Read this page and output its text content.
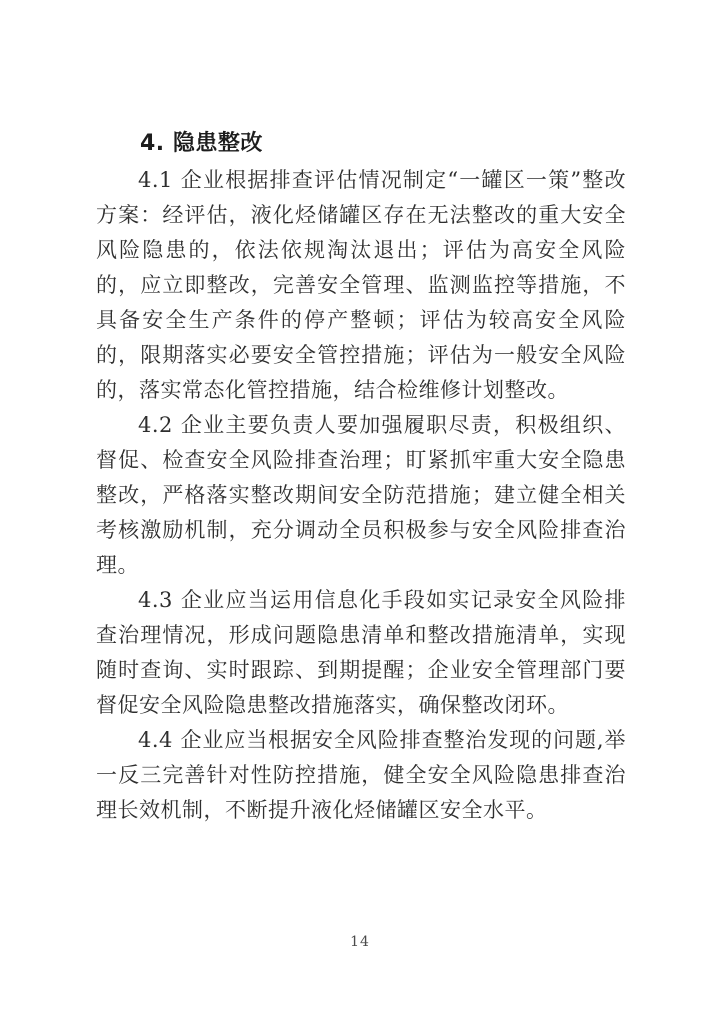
4. 隐患整改

4.1 企业根据排查评估情况制定“一罐区一策”整改方案：经评估，液化烃储罐区存在无法整改的重大安全风险隐患的，依法依规淘汰退出；评估为高安全风险的，应立即整改，完善安全管理、监测监控等措施，不具备安全生产条件的停产整顿；评估为较高安全风险的，限期落实必要安全管控措施；评估为一般安全风险的，落实常态化管控措施，结合检维修计划整改。

4.2 企业主要负责人要加强履职尽责，积极组织、督促、检查安全风险排查治理；盯紧抓牢重大安全隐患整改，严格落实整改期间安全防范措施；建立健全相关考核激励机制，充分调动全员积极参与安全风险排查治理。

4.3 企业应当运用信息化手段如实记录安全风险排查治理情况，形成问题隐患清单和整改措施清单，实现随时查询、实时跟踪、到期提醒；企业安全管理部门要督促安全风险隐患整改措施落实，确保整改闭环。

4.4 企业应当根据安全风险排查整治发现的问题,举一反三完善针对性防控措施，健全安全风险隐患排查治理长效机制，不断提升液化烃储罐区安全水平。

14
